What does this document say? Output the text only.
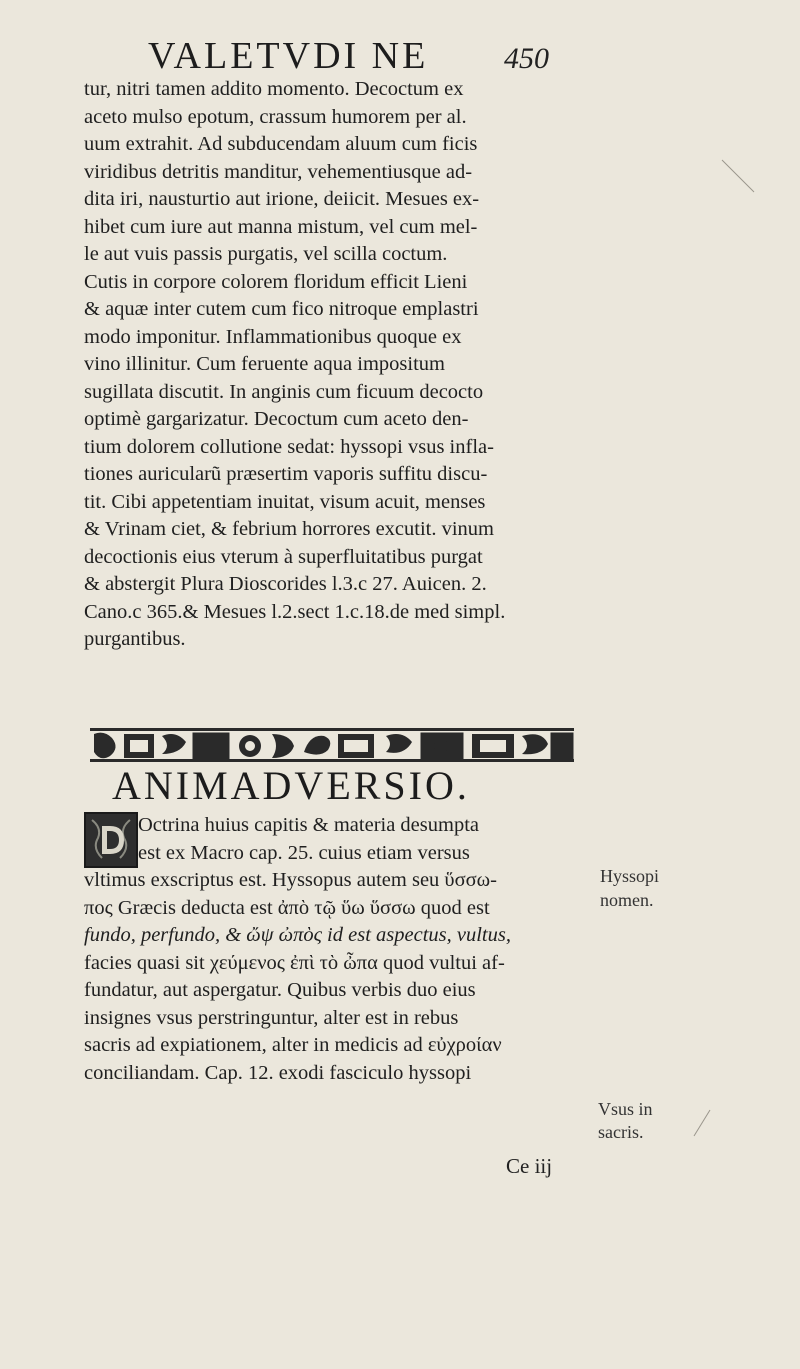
VALETVDI NE	450
tur, nitri tamen addito momento. Decoctum ex
aceto mulso epotum, crassum humorem per al.
uum extrahit. Ad subducendam aluum cum ficis
viridibus detritis manditur, vehementiusque ad-
dita iri, nausturtio aut irione, deiicit. Mesues ex-
hibet cum iure aut manna mistum, vel cum mel-
le aut vuis passis purgatis, vel scilla coctum.
Cutis in corpore colorem floridum efficit Lieni
& aquæ inter cutem cum fico nitroque emplastri
modo imponitur. Inflammationibus quoque ex
vino illinitur. Cum feruente aqua impositum
sugillata discutit. In anginis cum ficuum decocto
optimè gargarizatur. Decoctum cum aceto den-
tium dolorem collutione sedat: hyssopi vsus infla-
tiones auricularũ præsertim vaporis suffitu discu-
tit. Cibi appetentiam inuitat, visum acuit, menses
& Vrinam ciet, & febrium horrores excutit. vinum
decoctionis eius vterum à superfluitatibus purgat
& abstergit Plura Dioscorides l.3.c 27. Auicen. 2.
Cano.c 365.& Mesues l.2.sect 1.c.18.de med simpl.
purgantibus.
ANIMADVERSIO.
Octrina huius capitis & materia desumpta
est ex Macro cap. 25. cuius etiam versus
vltimus exscriptus est. Hyssopus autem seu ὕσσω-
πος Græcis deducta est ἀπὸ τῷ ὕω ὕσσω quod est
fundo, perfundo, & ὤψ ὠπὸς id est aspectus, vultus,
facies quasi sit χεύμενος ἐπὶ τὸ ὦπα quod vultui af-
fundatur, aut aspergatur. Quibus verbis duo eius
insignes vsus perstringuntur, alter est in rebus
sacris ad expiationem, alter in medicis ad εὐχροίαν
conciliandam. Cap. 12. exodi fasciculo hyssopi
Hyssopi
nomen.
Vsus in
sacris.
Ce iij
